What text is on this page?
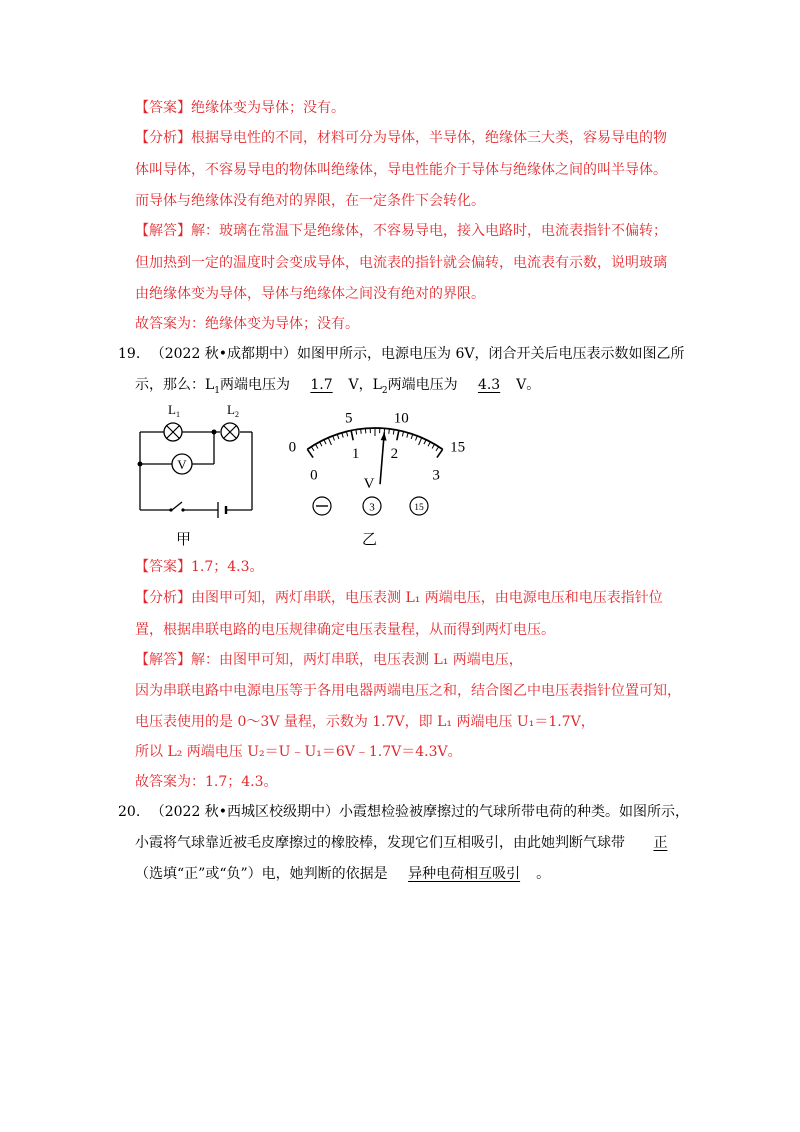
【答案】绝缘体变为导体；没有。
【分析】根据导电性的不同，材料可分为导体，半导体，绝缘体三大类，容易导电的物
体叫导体，不容易导电的物体叫绝缘体，导电性能介于导体与绝缘体之间的叫半导体。
而导体与绝缘体没有绝对的界限，在一定条件下会转化。
【解答】解：玻璃在常温下是绝缘体，不容易导电，接入电路时，电流表指针不偏转；
但加热到一定的温度时会变成导体，电流表的指针就会偏转，电流表有示数，说明玻璃
由绝缘体变为导体，导体与绝缘体之间没有绝对的界限。
故答案为：绝缘体变为导体；没有。
19. （2022 秋•成都期中）如图甲所示，电源电压为 6V，闭合开关后电压表示数如图乙所
示，那么：$L_1$两端电压为 1.7 V，$L_2$两端电压为 4.3 V。
V
$L_1$	$L_2$
甲
0
5	10
15
0
1 2
3
V
3	15
乙
【答案】1.7；4.3。
【分析】由图甲可知，两灯串联，电压表测 L₁ 两端电压，由电源电压和电压表指针位
置，根据串联电路的电压规律确定电压表量程，从而得到两灯电压。
【解答】解：由图甲可知，两灯串联，电压表测 L₁ 两端电压，
因为串联电路中电源电压等于各用电器两端电压之和，结合图乙中电压表指针位置可知，
电压表使用的是 0～3V 量程，示数为 1.7V，即 L₁ 两端电压 U₁＝1.7V，
所以 L₂ 两端电压 U₂＝U﹣U₁＝6V﹣1.7V＝4.3V。
故答案为：1.7；4.3。
20. （2022 秋•西城区校级期中）小霞想检验被摩擦过的气球所带电荷的种类。如图所示，
小霞将气球靠近被毛皮摩擦过的橡胶棒，发现它们互相吸引，由此她判断气球带 正
（选填“正”或“负”）电，她判断的依据是 异种电荷相互吸引 。
